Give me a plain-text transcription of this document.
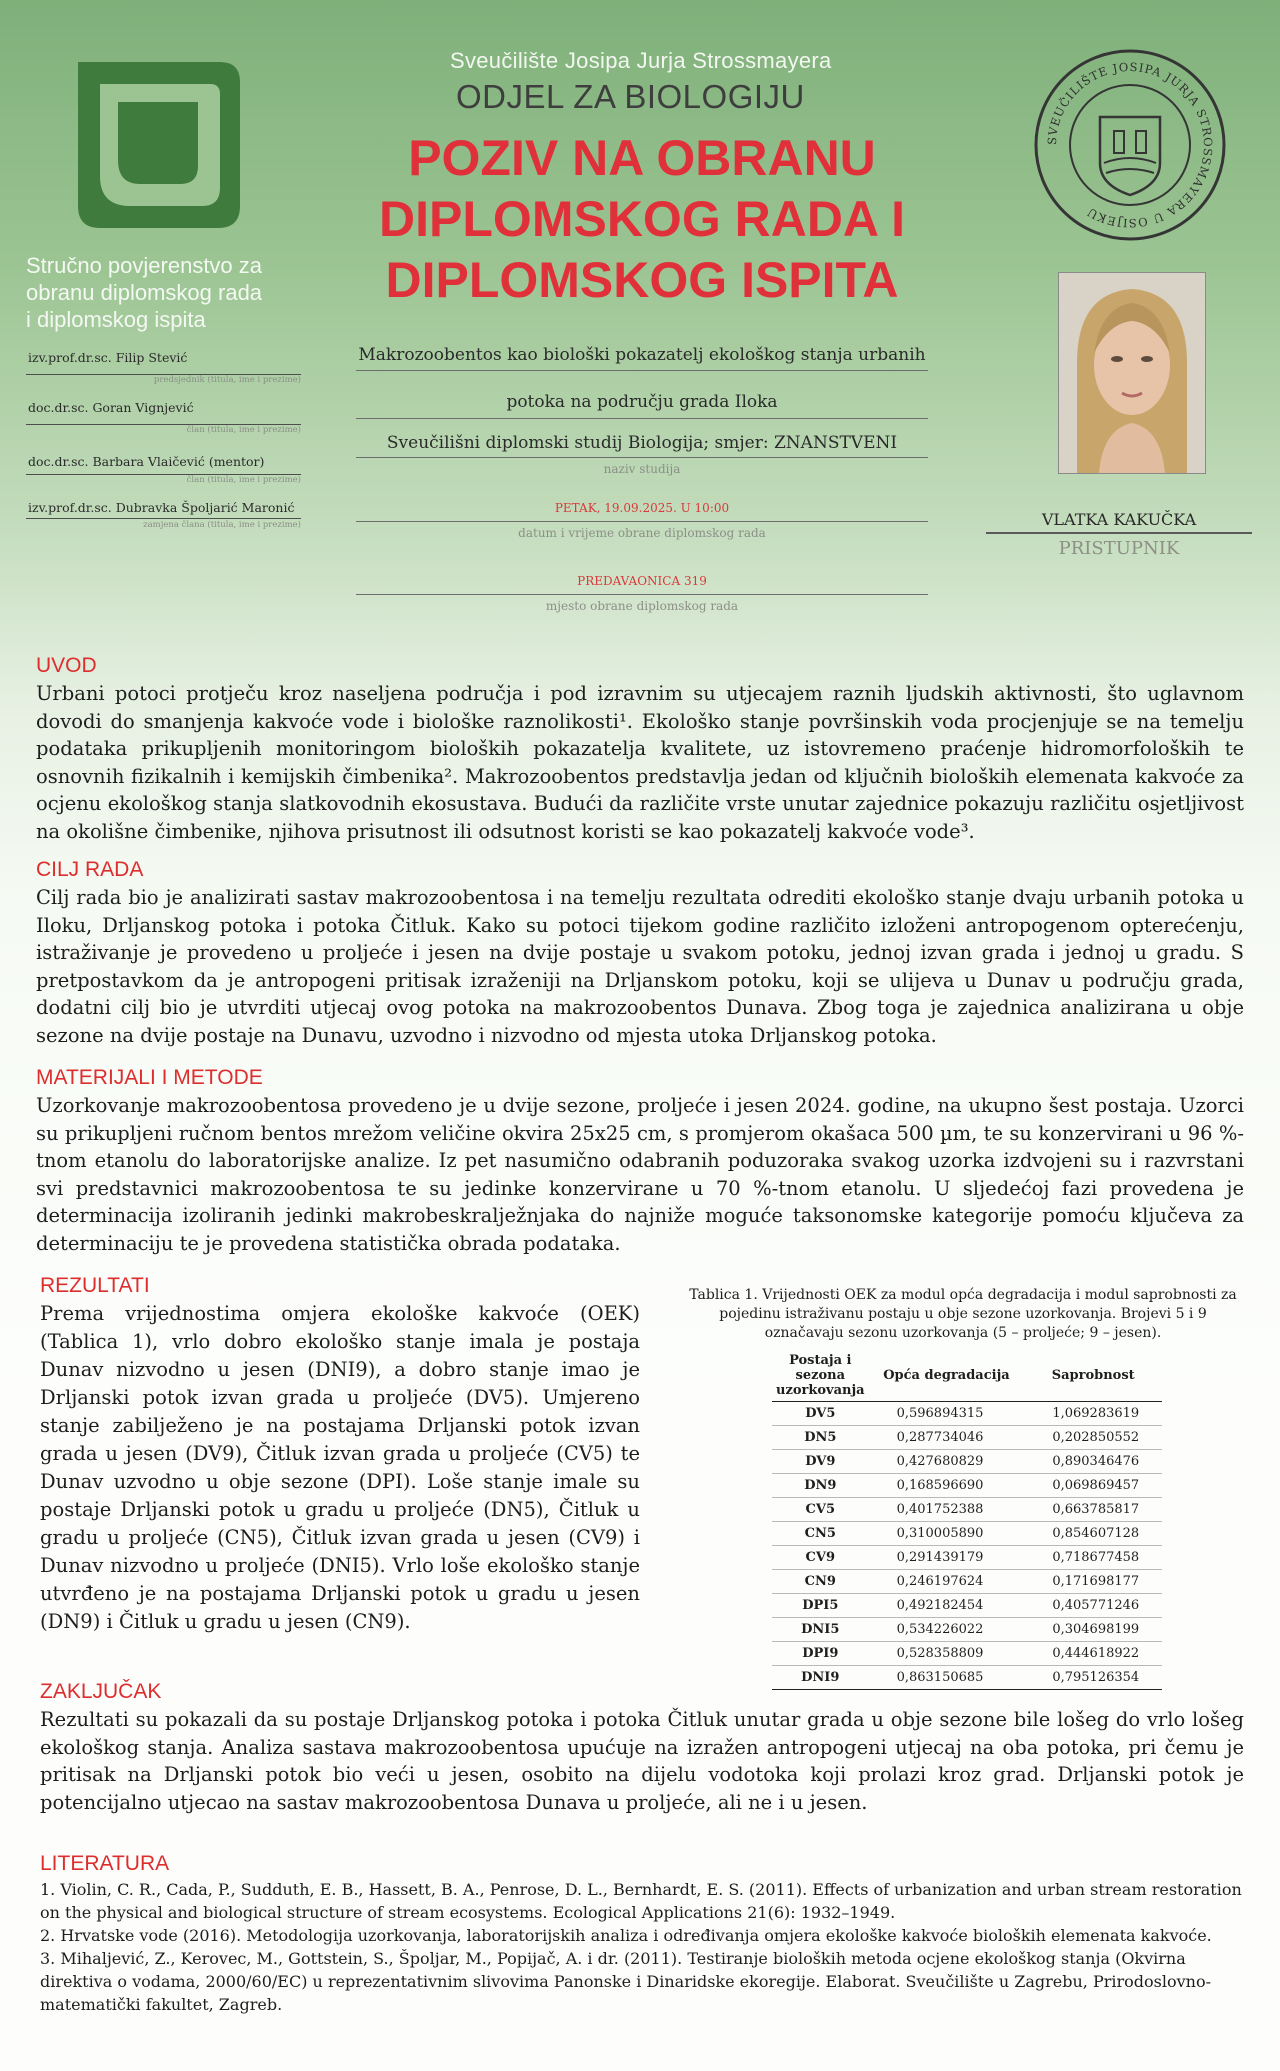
Stručno povjerenstvo za
obranu diplomskog rada
i diplomskog ispita
izv.prof.dr.sc. Filip Stević
predsjednik (titula, ime i prezime)
doc.dr.sc. Goran Vignjević
član (titula, ime i prezime)
doc.dr.sc. Barbara Vlaičević (mentor)
član (titula, ime i prezime)
izv.prof.dr.sc. Dubravka Špoljarić Maronić
zamjena člana (titula, ime i prezime)
Sveučilište Josipa Jurja Strossmayera
ODJEL ZA BIOLOGIJU
POZIV NA OBRANU
DIPLOMSKOG RADA I
DIPLOMSKOG ISPITA
SVEUČILIŠTE JOSIPA JURJA STROSSMAYERA U OSIJEKU
Makrozoobentos kao biološki pokazatelj ekološkog stanja urbanih
potoka na području grada Iloka
Sveučilišni diplomski studij Biologija; smjer: ZNANSTVENI
naziv studija
PETAK, 19.09.2025. U 10:00
datum i vrijeme obrane diplomskog rada
PREDAVAONICA 319
mjesto obrane diplomskog rada
VLATKA KAKUČKA
PRISTUPNIK
UVOD
Urbani potoci protječu kroz naseljena područja i pod izravnim su utjecajem raznih ljudskih aktivnosti, što uglavnom dovodi do smanjenja kakvoće vode i biološke raznolikosti¹. Ekološko stanje površinskih voda procjenjuje se na temelju podataka prikupljenih monitoringom bioloških pokazatelja kvalitete, uz istovremeno praćenje hidromorfoloških te osnovnih fizikalnih i kemijskih čimbenika². Makrozoobentos predstavlja jedan od ključnih bioloških elemenata kakvoće za ocjenu ekološkog stanja slatkovodnih ekosustava. Budući da različite vrste unutar zajednice pokazuju različitu osjetljivost na okolišne čimbenike, njihova prisutnost ili odsutnost koristi se kao pokazatelj kakvoće vode³.
CILJ RADA
Cilj rada bio je analizirati sastav makrozoobentosa i na temelju rezultata odrediti ekološko stanje dvaju urbanih potoka u Iloku, Drljanskog potoka i potoka Čitluk. Kako su potoci tijekom godine različito izloženi antropogenom opterećenju, istraživanje je provedeno u proljeće i jesen na dvije postaje u svakom potoku, jednoj izvan grada i jednoj u gradu. S pretpostavkom da je antropogeni pritisak izraženiji na Drljanskom potoku, koji se ulijeva u Dunav u području grada, dodatni cilj bio je utvrditi utjecaj ovog potoka na makrozoobentos Dunava. Zbog toga je zajednica analizirana u obje sezone na dvije postaje na Dunavu, uzvodno i nizvodno od mjesta utoka Drljanskog potoka.
MATERIJALI I METODE
Uzorkovanje makrozoobentosa provedeno je u dvije sezone, proljeće i jesen 2024. godine, na ukupno šest postaja. Uzorci su prikupljeni ručnom bentos mrežom veličine okvira 25x25 cm, s promjerom okašaca 500 µm, te su konzervirani u 96 %-tnom etanolu do laboratorijske analize. Iz pet nasumično odabranih poduzoraka svakog uzorka izdvojeni su i razvrstani svi predstavnici makrozoobentosa te su jedinke konzervirane u 70 %-tnom etanolu. U sljedećoj fazi provedena je determinacija izoliranih jedinki makrobeskralježnjaka do najniže moguće taksonomske kategorije pomoću ključeva za determinaciju te je provedena statistička obrada podataka.
REZULTATI
Prema vrijednostima omjera ekološke kakvoće (OEK) (Tablica 1), vrlo dobro ekološko stanje imala je postaja Dunav nizvodno u jesen (DNI9), a dobro stanje imao je Drljanski potok izvan grada u proljeće (DV5). Umjereno stanje zabilježeno je na postajama Drljanski potok izvan grada u jesen (DV9), Čitluk izvan grada u proljeće (CV5) te Dunav uzvodno u obje sezone (DPI). Loše stanje imale su postaje Drljanski potok u gradu u proljeće (DN5), Čitluk u gradu u proljeće (CN5), Čitluk izvan grada u jesen (CV9) i Dunav nizvodno u proljeće (DNI5). Vrlo loše ekološko stanje utvrđeno je na postajama Drljanski potok u gradu u jesen (DN9) i Čitluk u gradu u jesen (CN9).
Tablica 1. Vrijednosti OEK za modul opća degradacija i modul saprobnosti za pojedinu istraživanu postaju u obje sezone uzorkovanja. Brojevi 5 i 9 označavaju sezonu uzorkovanja (5 – proljeće; 9 – jesen).
Postaja i sezona uzorkovanja	Opća degradacija	Saprobnost
DV5	0,596894315	1,069283619
DN5	0,287734046	0,202850552
DV9	0,427680829	0,890346476
DN9	0,168596690	0,069869457
CV5	0,401752388	0,663785817
CN5	0,310005890	0,854607128
CV9	0,291439179	0,718677458
CN9	0,246197624	0,171698177
DPI5	0,492182454	0,405771246
DNI5	0,534226022	0,304698199
DPI9	0,528358809	0,444618922
DNI9	0,863150685	0,795126354
ZAKLJUČAK
Rezultati su pokazali da su postaje Drljanskog potoka i potoka Čitluk unutar grada u obje sezone bile lošeg do vrlo lošeg ekološkog stanja. Analiza sastava makrozoobentosa upućuje na izražen antropogeni utjecaj na oba potoka, pri čemu je pritisak na Drljanski potok bio veći u jesen, osobito na dijelu vodotoka koji prolazi kroz grad. Drljanski potok je potencijalno utjecao na sastav makrozoobentosa Dunava u proljeće, ali ne i u jesen.
LITERATURA
1. Violin, C. R., Cada, P., Sudduth, E. B., Hassett, B. A., Penrose, D. L., Bernhardt, E. S. (2011). Effects of urbanization and urban stream restoration on the physical and biological structure of stream ecosystems. Ecological Applications 21(6): 1932–1949.
2. Hrvatske vode (2016). Metodologija uzorkovanja, laboratorijskih analiza i određivanja omjera ekološke kakvoće bioloških elemenata kakvoće.
3. Mihaljević, Z., Kerovec, M., Gottstein, S., Špoljar, M., Popijač, A. i dr. (2011). Testiranje bioloških metoda ocjene ekološkog stanja (Okvirna direktiva o vodama, 2000/60/EC) u reprezentativnim slivovima Panonske i Dinaridske ekoregije. Elaborat. Sveučilište u Zagrebu, Prirodoslovno-matematički fakultet, Zagreb.
